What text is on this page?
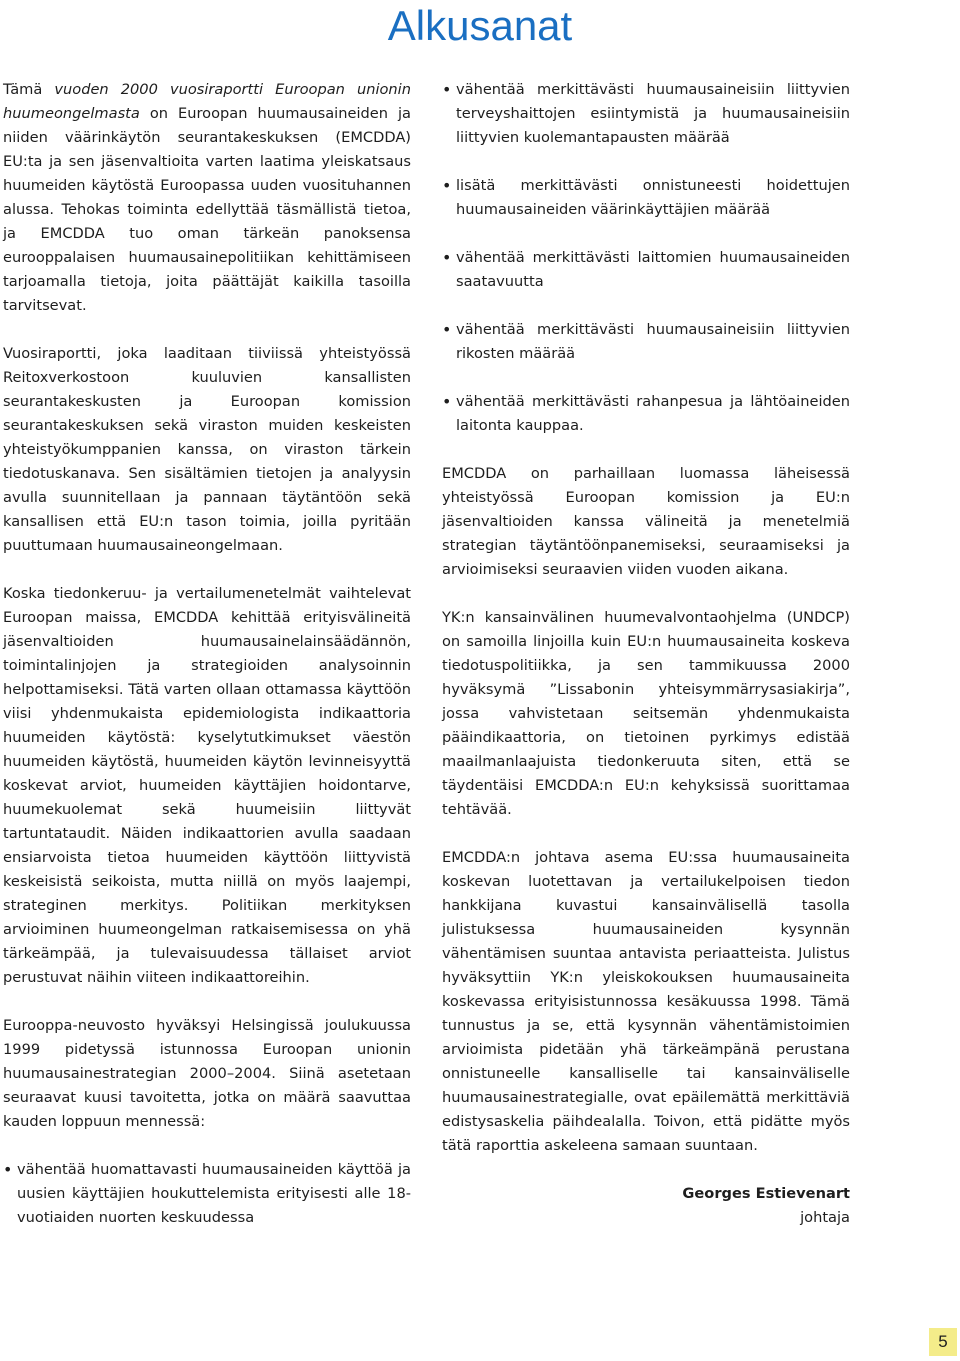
Alkusanat

Tämä vuoden 2000 vuosiraportti Euroopan unionin huumeongelmasta on Euroopan huumausaineiden ja niiden väärinkäytön seurantakeskuksen (EMCDDA) EU:ta ja sen jäsenvaltioita varten laatima yleiskatsaus huumeiden käytöstä Euroopassa uuden vuosituhannen alussa. Tehokas toiminta edellyttää täsmällistä tietoa, ja EMCDDA tuo oman tärkeän panoksensa eurooppalaisen huumausainepolitiikan kehittämiseen tarjoamalla tietoja, joita päättäjät kaikilla tasoilla tarvitsevat.

Vuosiraportti, joka laaditaan tiiviissä yhteistyössä Reitoxverkostoon kuuluvien kansallisten seurantakeskusten ja Euroopan komission seurantakeskuksen sekä viraston muiden keskeisten yhteistyökumppanien kanssa, on viraston tärkein tiedotuskanava. Sen sisältämien tietojen ja analyysin avulla suunnitellaan ja pannaan täytäntöön sekä kansallisen että EU:n tason toimia, joilla pyritään puuttumaan huumausaineongelmaan.

Koska tiedonkeruu- ja vertailumenetelmät vaihtelevat Euroopan maissa, EMCDDA kehittää erityisvälineitä jäsenvaltioiden huumausainelainsäädännön, toimintalinjojen ja strategioiden analysoinnin helpottamiseksi. Tätä varten ollaan ottamassa käyttöön viisi yhdenmukaista epidemiologista indikaattoria huumeiden käytöstä: kyselytutkimukset väestön huumeiden käytöstä, huumeiden käytön levinneisyyttä koskevat arviot, huumeiden käyttäjien hoidontarve, huumekuolemat sekä huumeisiin liittyvät tartuntataudit. Näiden indikaattorien avulla saadaan ensiarvoista tietoa huumeiden käyttöön liittyvistä keskeisistä seikoista, mutta niillä on myös laajempi, strateginen merkitys. Politiikan merkityksen arvioiminen huumeongelman ratkaisemisessa on yhä tärkeämpää, ja tulevaisuudessa tällaiset arviot perustuvat näihin viiteen indikaattoreihin.

Eurooppa-neuvosto hyväksyi Helsingissä joulukuussa 1999 pidetyssä istunnossa Euroopan unionin huumausainestrategian 2000–2004. Siinä asetetaan seuraavat kuusi tavoitetta, jotka on määrä saavuttaa kauden loppuun mennessä:

• vähentää huomattavasti huumausaineiden käyttöä ja uusien käyttäjien houkuttelemista erityisesti alle 18-vuotiaiden nuorten keskuudessa
• vähentää merkittävästi huumausaineisiin liittyvien terveyshaittojen esiintymistä ja huumausaineisiin liittyvien kuolemantapausten määrää
• lisätä merkittävästi onnistuneesti hoidettujen huumausaineiden väärinkäyttäjien määrää
• vähentää merkittävästi laittomien huumausaineiden saatavuutta
• vähentää merkittävästi huumausaineisiin liittyvien rikosten määrää
• vähentää merkittävästi rahanpesua ja lähtöaineiden laitonta kauppaa.

EMCDDA on parhaillaan luomassa läheisessä yhteistyössä Euroopan komission ja EU:n jäsenvaltioiden kanssa välineitä ja menetelmiä strategian täytäntöönpanemiseksi, seuraamiseksi ja arvioimiseksi seuraavien viiden vuoden aikana.

YK:n kansainvälinen huumevalvontaohjelma (UNDCP) on samoilla linjoilla kuin EU:n huumausaineita koskeva tiedotuspolitiikka, ja sen tammikuussa 2000 hyväksymä ”Lissabonin yhteisymmärrysasiakirja”, jossa vahvistetaan seitsemän yhdenmukaista pääindikaattoria, on tietoinen pyrkimys edistää maailmanlaajuista tiedonkeruuta siten, että se täydentäisi EMCDDA:n EU:n kehyksissä suorittamaa tehtävää.

EMCDDA:n johtava asema EU:ssa huumausaineita koskevan luotettavan ja vertailukelpoisen tiedon hankkijana kuvastui kansainvälisellä tasolla julistuksessa huumausaineiden kysynnän vähentämisen suuntaa antavista periaatteista. Julistus hyväksyttiin YK:n yleiskokouksen huumausaineita koskevassa erityisistunnossa kesäkuussa 1998. Tämä tunnustus ja se, että kysynnän vähentämistoimien arvioimista pidetään yhä tärkeämpänä perustana onnistuneelle kansalliselle tai kansainväliselle huumausainestrategialle, ovat epäilemättä merkittäviä edistysaskelia päihdealalla. Toivon, että pidätte myös tätä raporttia askeleena samaan suuntaan.

Georges Estievenart
johtaja
5
